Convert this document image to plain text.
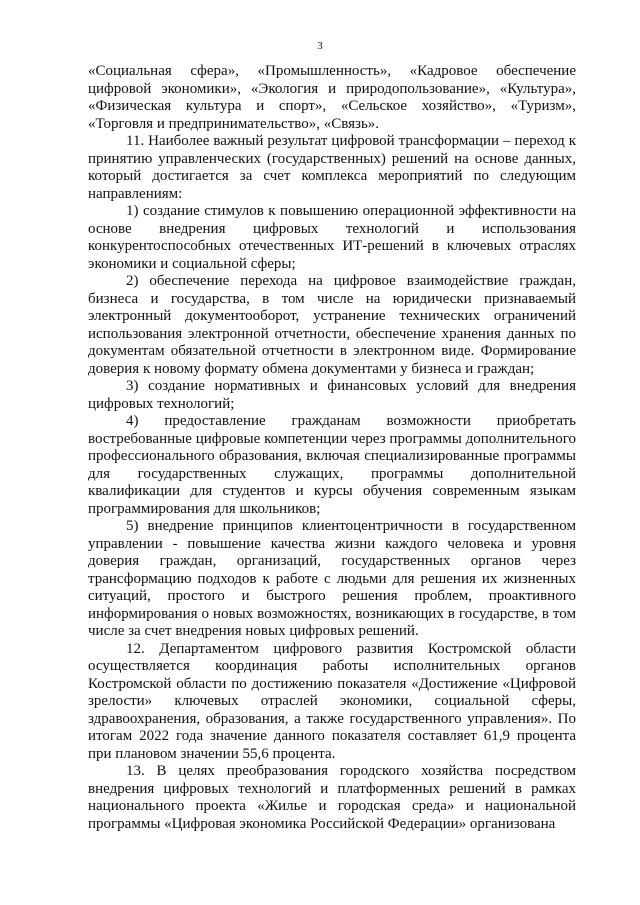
3

«Социальная сфера», «Промышленность», «Кадровое обеспечение цифровой экономики», «Экология и природопользование», «Культура», «Физическая культура и спорт», «Сельское хозяйство», «Туризм», «Торговля и предпринимательство», «Связь».

11. Наиболее важный результат цифровой трансформации – переход к принятию управленческих (государственных) решений на основе данных, который достигается за счет комплекса мероприятий по следующим направлениям:

1) создание стимулов к повышению операционной эффективности на основе внедрения цифровых технологий и использования конкурентоспособных отечественных ИТ-решений в ключевых отраслях экономики и социальной сферы;

2) обеспечение перехода на цифровое взаимодействие граждан, бизнеса и государства, в том числе на юридически признаваемый электронный документооборот, устранение технических ограничений использования электронной отчетности, обеспечение хранения данных по документам обязательной отчетности в электронном виде. Формирование доверия к новому формату обмена документами у бизнеса и граждан;

3) создание нормативных и финансовых условий для внедрения цифровых технологий;

4) предоставление гражданам возможности приобретать востребованные цифровые компетенции через программы дополнительного профессионального образования, включая специализированные программы для государственных служащих, программы дополнительной квалификации для студентов и курсы обучения современным языкам программирования для школьников;

5) внедрение принципов клиентоцентричности в государственном управлении - повышение качества жизни каждого человека и уровня доверия граждан, организаций, государственных органов через трансформацию подходов к работе с людьми для решения их жизненных ситуаций, простого и быстрого решения проблем, проактивного информирования о новых возможностях, возникающих в государстве, в том числе за счет внедрения новых цифровых решений.

12. Департаментом цифрового развития Костромской области осуществляется координация работы исполнительных органов Костромской области по достижению показателя «Достижение «Цифровой зрелости» ключевых отраслей экономики, социальной сферы, здравоохранения, образования, а также государственного управления». По итогам 2022 года значение данного показателя составляет 61,9 процента при плановом значении 55,6 процента.

13. В целях преобразования городского хозяйства посредством внедрения цифровых технологий и платформенных решений в рамках национального проекта «Жилье и городская среда» и национальной программы «Цифровая экономика Российской Федерации» организована
